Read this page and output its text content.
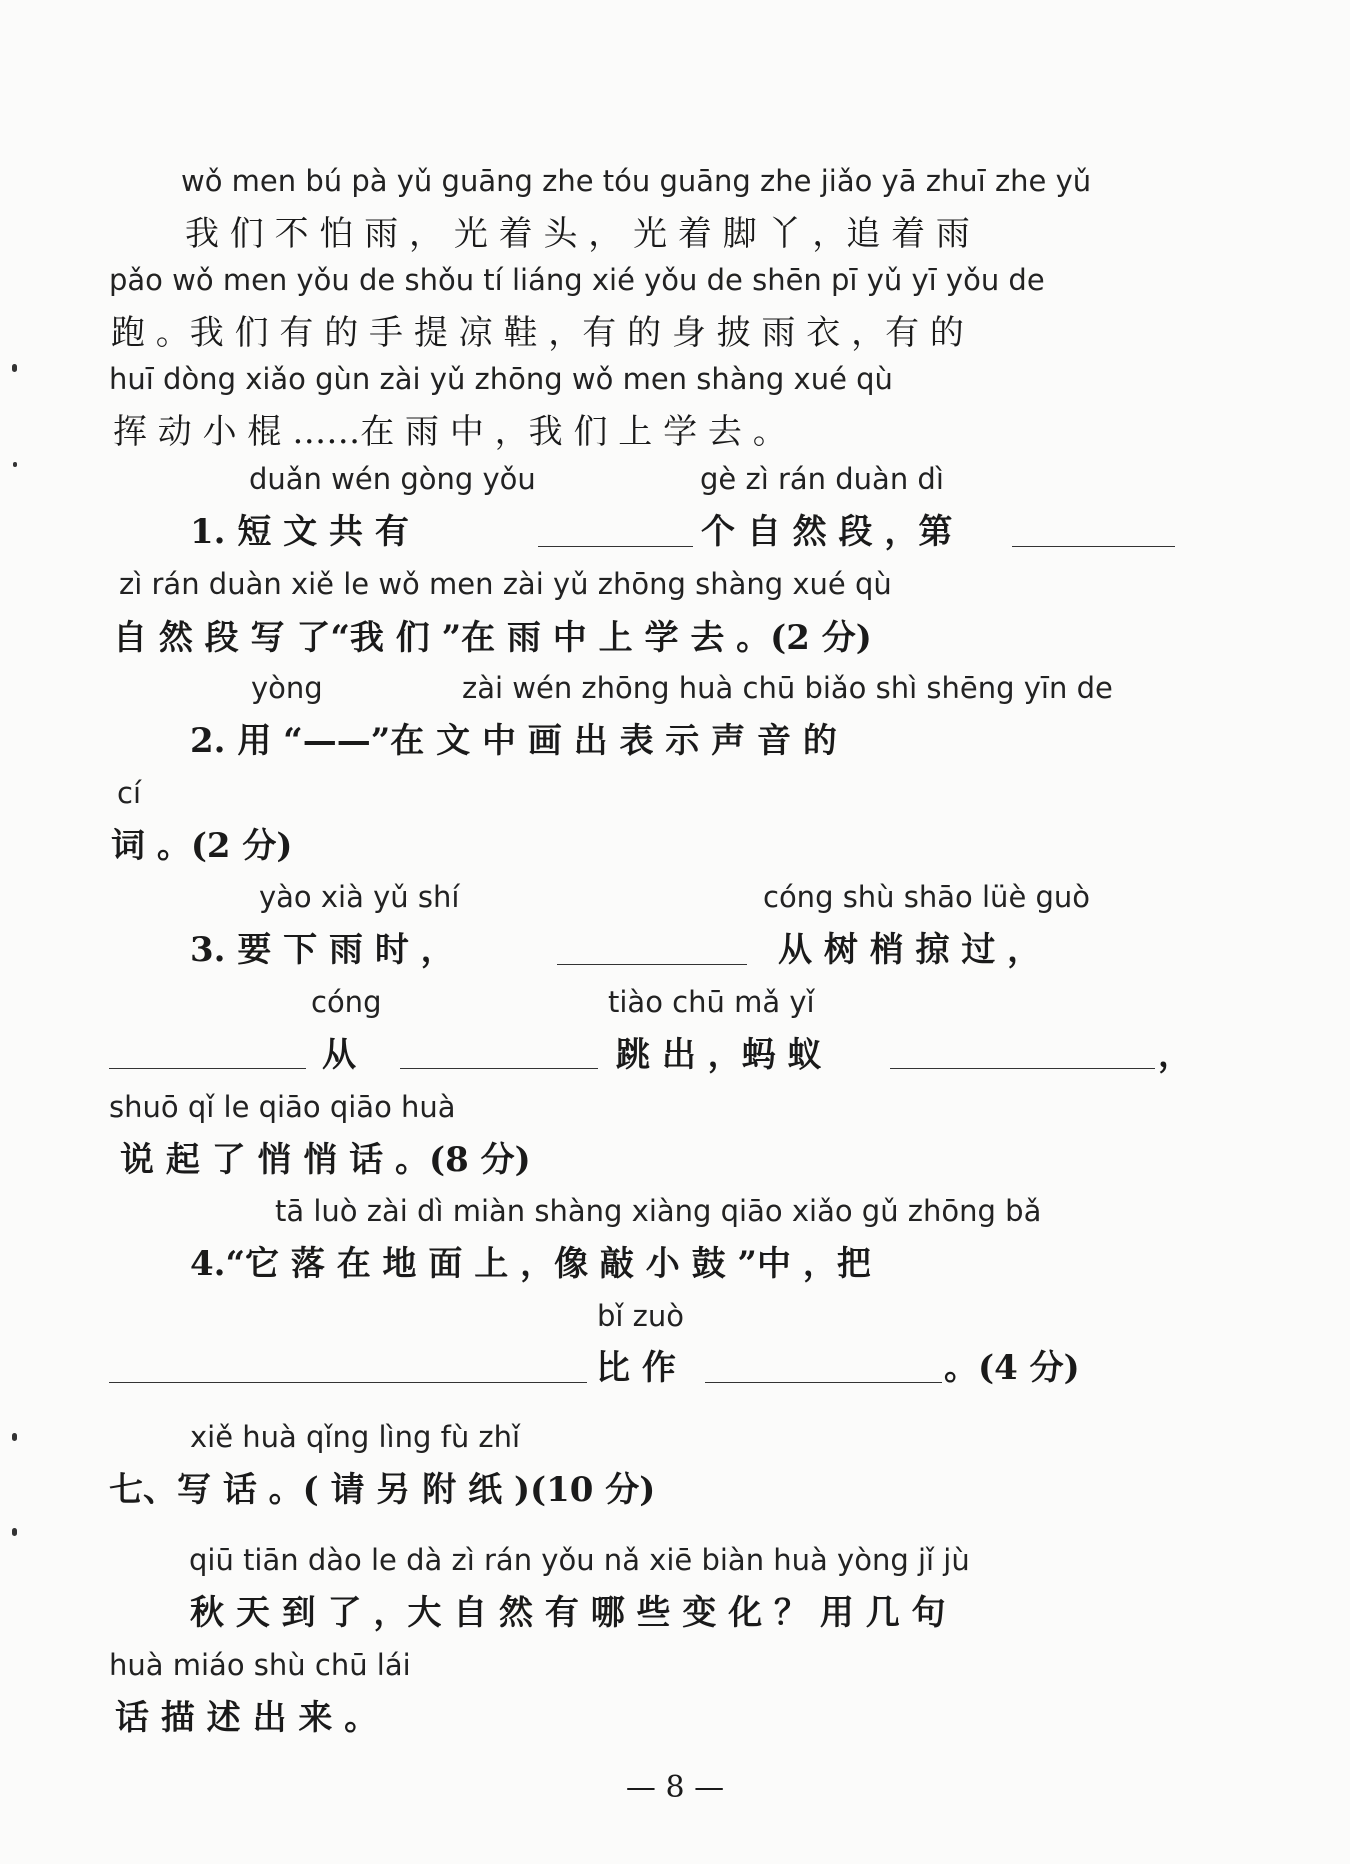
wǒ men bú pà yǔ guāng zhe tóu guāng zhe jiǎo yā zhuī zhe yǔ
我 们 不 怕 雨 ， 光 着 头 ， 光 着 脚 丫 ，追 着 雨
pǎo wǒ men yǒu de shǒu tí liáng xié yǒu de shēn pī yǔ yī yǒu de
跑 。我 们 有 的 手 提 凉 鞋 ，有 的 身 披 雨 衣 ，有 的
huī dòng xiǎo gùn zài yǔ zhōng wǒ men shàng xué qù
挥 动 小 棍 ……在 雨 中 ，我 们 上 学 去 。
duǎn wén gòng yǒu	gè zì rán duàn dì
1. 短 文 共 有	个 自 然 段 ，第
zì rán duàn xiě le wǒ men zài yǔ zhōng shàng xué qù
自 然 段 写 了“我 们 ”在 雨 中 上 学 去 。(2 分)
yòng	zài wén zhōng huà chū biǎo shì shēng yīn de
2. 用 “——”在 文 中 画 出 表 示 声 音 的
cí
词 。(2 分)
yào xià yǔ shí	cóng shù shāo lüè guò
3. 要 下 雨 时 ，	从 树 梢 掠 过 ，
cóng	tiào chū mǎ yǐ
从	跳 出 ，蚂 蚁	，
shuō qǐ le qiāo qiāo huà
说 起 了 悄 悄 话 。(8 分)
tā luò zài dì miàn shàng xiàng qiāo xiǎo gǔ zhōng bǎ
4.“它 落 在 地 面 上 ，像 敲 小 鼓 ”中 ，把
bǐ zuò
比 作	。(4 分)
xiě huà qǐng lìng fù zhǐ
七、写 话 。( 请 另 附 纸 )(10 分)
qiū tiān dào le dà zì rán yǒu nǎ xiē biàn huà yòng jǐ jù
秋 天 到 了 ，大 自 然 有 哪 些 变 化 ？ 用 几 句
huà miáo shù chū lái
话 描 述 出 来 。
— 8 —
